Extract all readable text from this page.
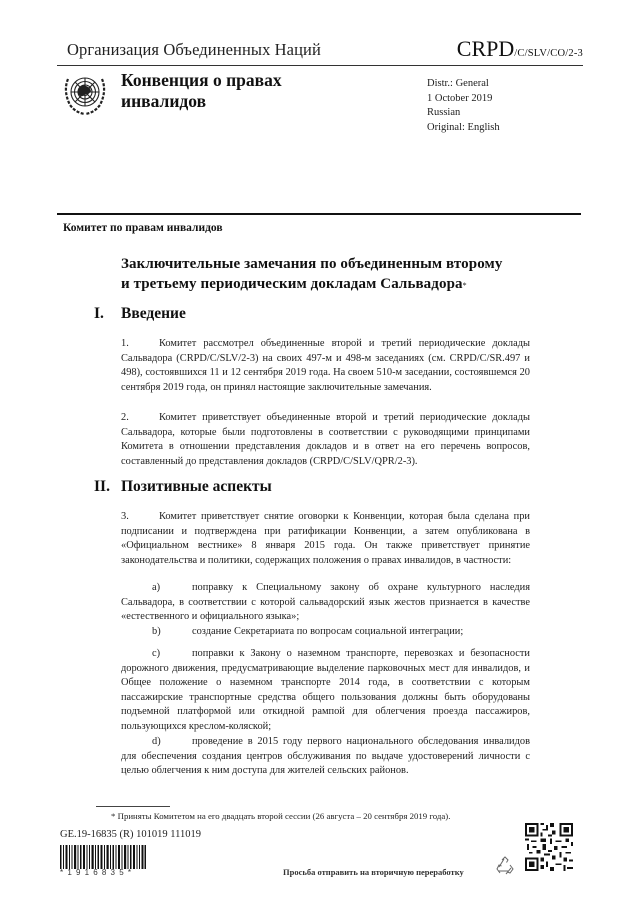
Организация Объединенных Наций	CRPD/C/SLV/CO/2-3
Конвенция о правах
инвалидов
Distr.: General
1 October 2019
Russian
Original: English
Комитет по правам инвалидов
Заключительные замечания по объединенным второму
и третьему периодическим докладам Сальвадора*
I. Введение
1.	Комитет рассмотрел объединенные второй и третий периодические доклады Сальвадора (CRPD/C/SLV/2-3) на своих 497-м и 498-м заседаниях (см. CRPD/C/SR.497 и 498), состоявшихся 11 и 12 сентября 2019 года. На своем 510-м заседании, состоявшемся 20 сентября 2019 года, он принял настоящие заключительные замечания.
2.	Комитет приветствует объединенные второй и третий периодические доклады Сальвадора, которые были подготовлены в соответствии с руководящими принципами Комитета в отношении представления докладов и в ответ на его перечень вопросов, составленный до представления докладов (CRPD/C/SLV/QPR/2-3).
II. Позитивные аспекты
3.	Комитет приветствует снятие оговорки к Конвенции, которая была сделана при подписании и подтверждена при ратификации Конвенции, а затем опубликована в «Официальном вестнике» 8 января 2015 года. Он также приветствует принятие законодательства и политики, содержащих положения о правах инвалидов, в частности:
a)	поправку к Специальному закону об охране культурного наследия Сальвадора, в соответствии с которой сальвадорский язык жестов признается в качестве «естественного и официального языка»;
b)	создание Секретариата по вопросам социальной интеграции;
c)	поправки к Закону о наземном транспорте, перевозках и безопасности дорожного движения, предусматривающие выделение парковочных мест для инвалидов, и Общее положение о наземном транспорте 2014 года, в соответствии с которым пассажирские транспортные средства общего пользования должны быть оборудованы подъемной платформой или откидной рампой для облегчения проезда пассажиров, пользующихся креслом-коляской;
d)	проведение в 2015 году первого национального обследования инвалидов для обеспечения создания центров обслуживания по выдаче удостоверений личности с целью облегчения к ним доступа для жителей сельских районов.
* Приняты Комитетом на его двадцать второй сессии (26 августа – 20 сентября 2019 года).
GE.19-16835 (R) 101019 111019
*1916835*	Просьба отправить на вторичную переработку
